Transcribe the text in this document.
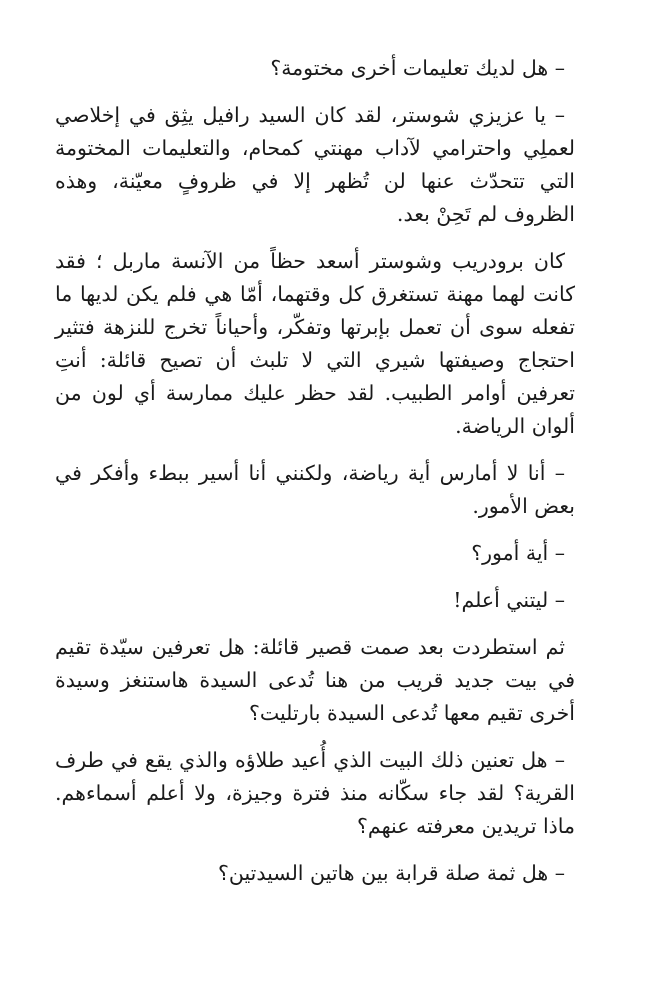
– هل لديك تعليمات أخرى مختومة؟

– يا عزيزي شوستر، لقد كان السيد رافيل يثِق في إخلاصي لعملِي واحترامي لآداب مهنتي كمحام، والتعليمات المختومة التي تتحدّث عنها لن تُظهر إلا في ظروفٍ معيّنة، وهذه الظروف لم تَحِنْ بعد.

كان برودريب وشوستر أسعد حظاً من الآنسة ماربل ؛ فقد كانت لهما مهنة تستغرق كل وقتهما، أمّا هي فلم يكن لديها ما تفعله سوى أن تعمل بإبرتها وتفكّر، وأحياناً تخرج للنزهة فتثير احتجاج وصيفتها شيري التي لا تلبث أن تصيح قائلة: أنتِ تعرفين أوامر الطبيب. لقد حظر عليك ممارسة أي لون من ألوان الرياضة.

– أنا لا أمارس أية رياضة، ولكنني أنا أسير ببطء وأفكر في بعض الأمور.

– أية أمور؟

– ليتني أعلم!

ثم استطردت بعد صمت قصير قائلة: هل تعرفين سيّدة تقيم في بيت جديد قريب من هنا تُدعى السيدة هاستنغز وسيدة أخرى تقيم معها تُدعى السيدة بارتليت؟

– هل تعنين ذلك البيت الذي أُعيد طلاؤه والذي يقع في طرف القرية؟ لقد جاء سكّانه منذ فترة وجيزة، ولا أعلم أسماءهم. ماذا تريدين معرفته عنهم؟

– هل ثمة صلة قرابة بين هاتين السيدتين؟
